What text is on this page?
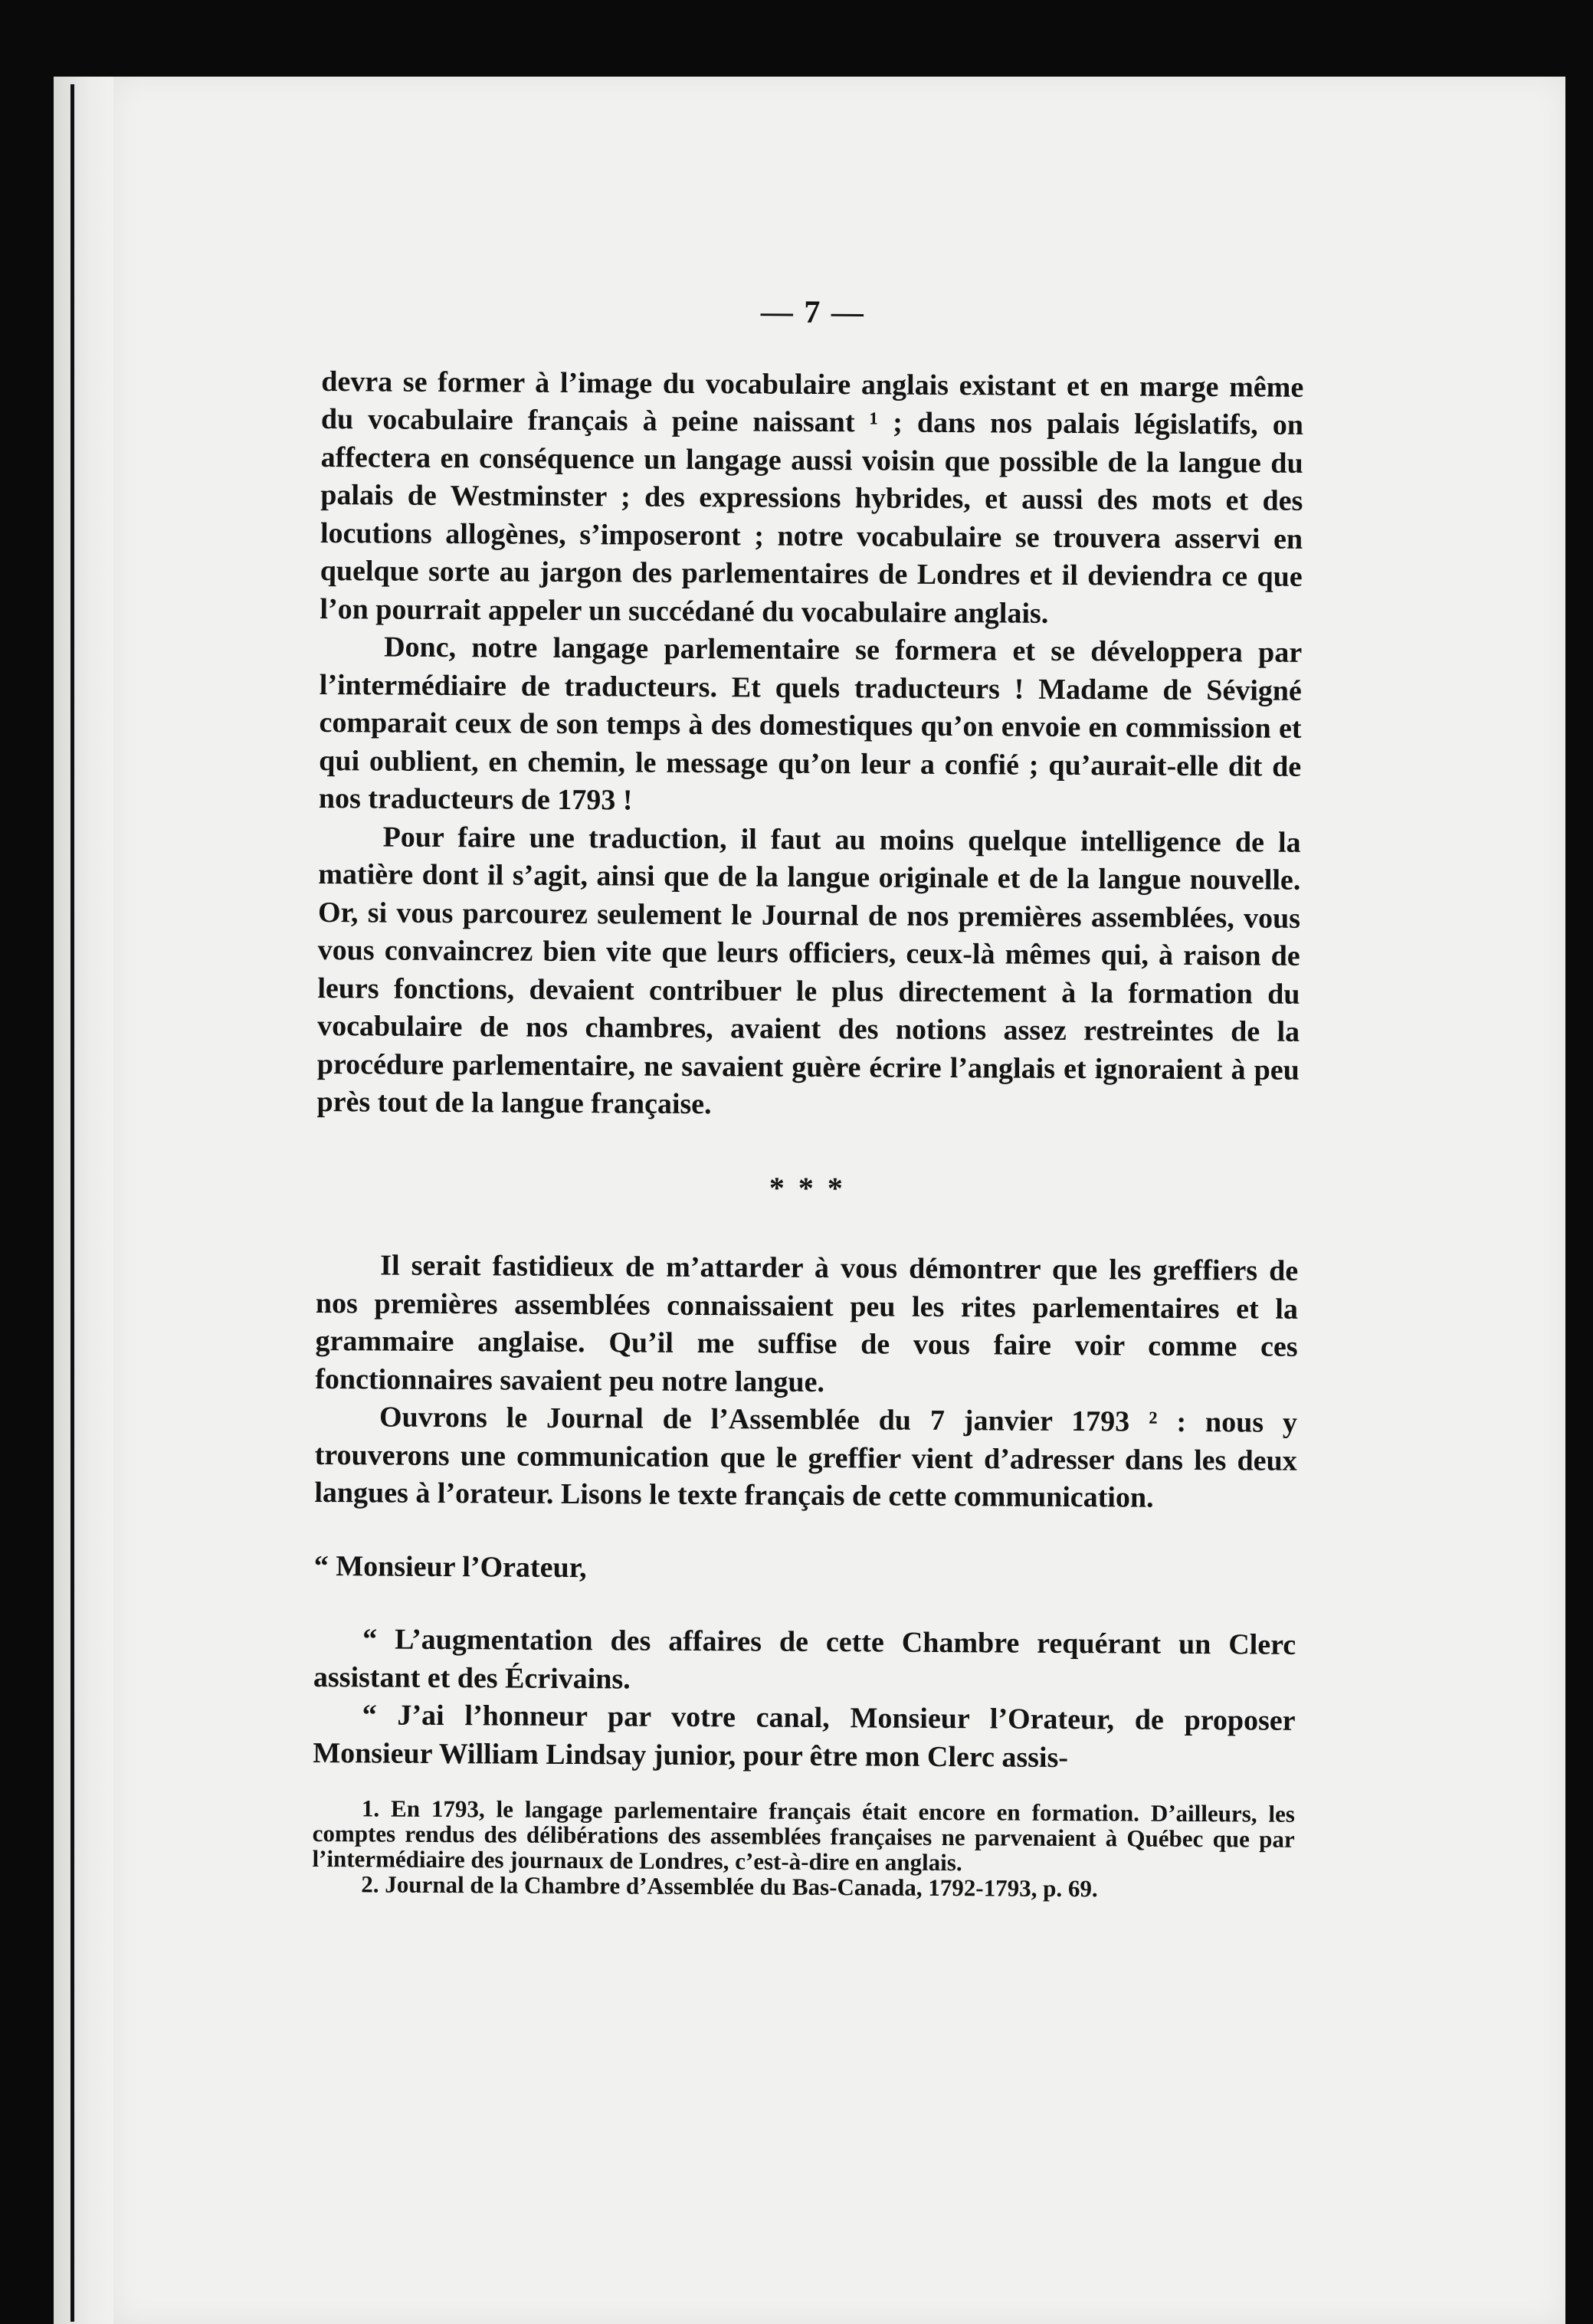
— 7 —

devra se former à l’image du vocabulaire anglais existant et en marge même du vocabulaire français à peine naissant ¹ ; dans nos palais législatifs, on affectera en conséquence un langage aussi voisin que possible de la langue du palais de Westminster ; des expressions hybrides, et aussi des mots et des locutions allogènes, s’imposeront ; notre vocabulaire se trouvera asservi en quelque sorte au jargon des parlementaires de Londres et il deviendra ce que l’on pourrait appeler un succédané du vocabulaire anglais.

Donc, notre langage parlementaire se formera et se développera par l’intermédiaire de traducteurs. Et quels traducteurs ! Madame de Sévigné comparait ceux de son temps à des domestiques qu’on envoie en commission et qui oublient, en chemin, le message qu’on leur a confié ; qu’aurait-elle dit de nos traducteurs de 1793 !

Pour faire une traduction, il faut au moins quelque intelligence de la matière dont il s’agit, ainsi que de la langue originale et de la langue nouvelle. Or, si vous parcourez seulement le Journal de nos premières assemblées, vous vous convaincrez bien vite que leurs officiers, ceux-là mêmes qui, à raison de leurs fonctions, devaient contribuer le plus directement à la formation du vocabulaire de nos chambres, avaient des notions assez restreintes de la procédure parlementaire, ne savaient guère écrire l’anglais et ignoraient à peu près tout de la langue française.

* * *

Il serait fastidieux de m’attarder à vous démontrer que les greffiers de nos premières assemblées connaissaient peu les rites parlementaires et la grammaire anglaise. Qu’il me suffise de vous faire voir comme ces fonctionnaires savaient peu notre langue.

Ouvrons le Journal de l’Assemblée du 7 janvier 1793 ² : nous y trouverons une communication que le greffier vient d’adresser dans les deux langues à l’orateur. Lisons le texte français de cette communication.

“ Monsieur l’Orateur,

“ L’augmentation des affaires de cette Chambre requérant un Clerc assistant et des Écrivains.

“ J’ai l’honneur par votre canal, Monsieur l’Orateur, de proposer Monsieur William Lindsay junior, pour être mon Clerc assis-

1. En 1793, le langage parlementaire français était encore en formation. D’ailleurs, les comptes rendus des délibérations des assemblées françaises ne parvenaient à Québec que par l’intermédiaire des journaux de Londres, c’est-à-dire en anglais.

2. Journal de la Chambre d’Assemblée du Bas-Canada, 1792-1793, p. 69.
